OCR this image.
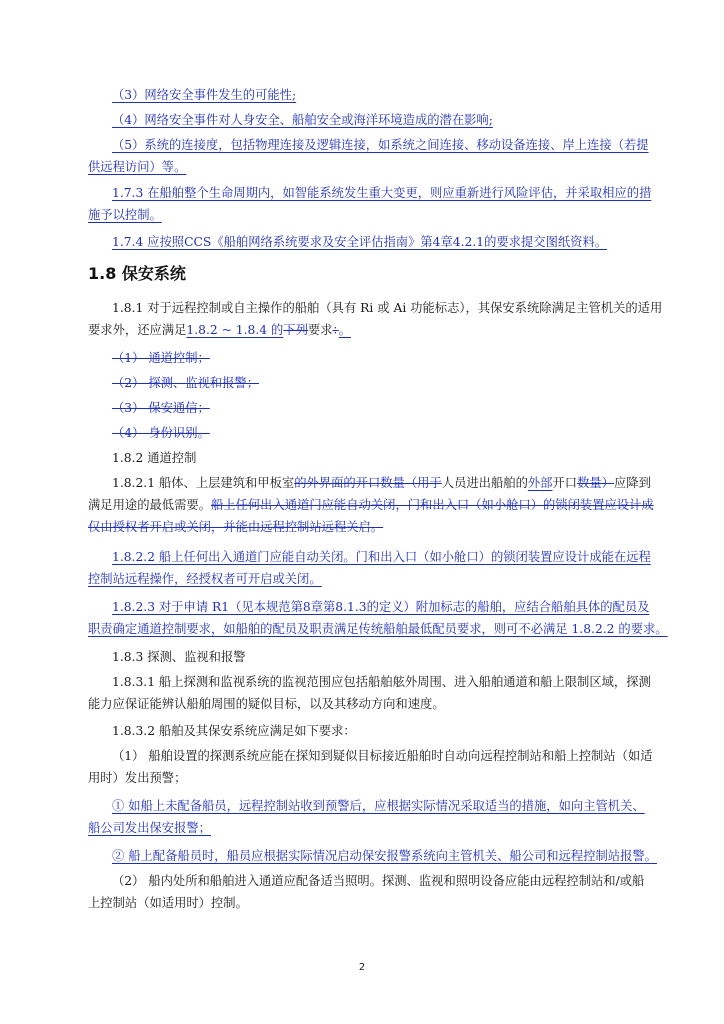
（3）网络安全事件发生的可能性;
（4）网络安全事件对人身安全、船舶安全或海洋环境造成的潜在影响;
（5）系统的连接度，包括物理连接及逻辑连接，如系统之间连接、移动设备连接、岸上连接（若提
供远程访问）等。
1.7.3 在船舶整个生命周期内，如智能系统发生重大变更，则应重新进行风险评估，并采取相应的措
施予以控制。
1.7.4 应按照CCS《船舶网络系统要求及安全评估指南》第4章4.2.1的要求提交图纸资料。
1.8 保安系统
1.8.1 对于远程控制或自主操作的船舶（具有 Ri 或 Ai 功能标志），其保安系统除满足主管机关的适用
要求外，还应满足1.8.2 ~ 1.8.4 的下列要求：。
（1） 通道控制；
（2） 探测、监视和报警；
（3） 保安通信；
（4） 身份识别。
1.8.2 通道控制
1.8.2.1 船体、上层建筑和甲板室的外界面的开口数量（用于人员进出船舶的外部开口数量）应降到
满足用途的最低需要。船上任何出入通道门应能自动关闭，门和出入口（如小舱口）的锁闭装置应设计成
仅由授权者开启或关闭，并能由远程控制站远程关启。
1.8.2.2 船上任何出入通道门应能自动关闭。门和出入口（如小舱口）的锁闭装置应设计成能在远程
控制站远程操作，经授权者可开启或关闭。
1.8.2.3 对于申请 R1（见本规范第8章第8.1.3的定义）附加标志的船舶，应结合船舶具体的配员及
职责确定通道控制要求，如船舶的配员及职责满足传统船舶最低配员要求，则可不必满足 1.8.2.2 的要求。
1.8.3 探测、监视和报警
1.8.3.1 船上探测和监视系统的监视范围应包括船舶舷外周围、进入船舶通道和船上限制区域，探测
能力应保证能辨认船舶周围的疑似目标，以及其移动方向和速度。
1.8.3.2 船舶及其保安系统应满足如下要求：
（1） 船舶设置的探测系统应能在探知到疑似目标接近船舶时自动向远程控制站和船上控制站（如适
用时）发出预警；
① 如船上未配备船员，远程控制站收到预警后，应根据实际情况采取适当的措施，如向主管机关、
船公司发出保安报警；
② 船上配备船员时，船员应根据实际情况启动保安报警系统向主管机关、船公司和远程控制站报警。
（2） 船内处所和船舶进入通道应配备适当照明。探测、监视和照明设备应能由远程控制站和/或船
上控制站（如适用时）控制。
2
